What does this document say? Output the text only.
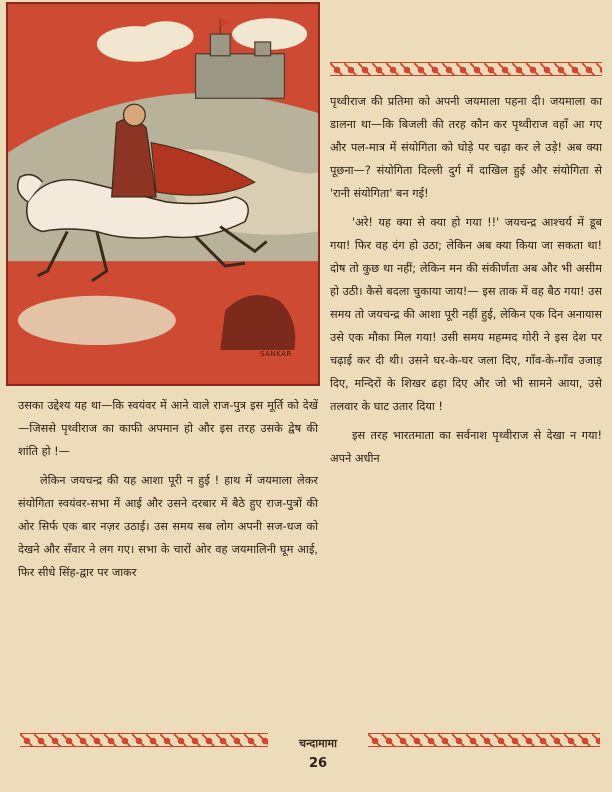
SANKAR

पृथ्वीराज की प्रतिमा को अपनी जयमाला पहना दी। जयमाला का डालना था—कि बिजली की तरह कौन कर पृथ्वीराज वहाँ आ गए और पल-मात्र में संयोगिता को घोड़े पर चढ़ा कर ले उड़े! अब क्या पूछना—? संयोगिता दिल्ली दुर्ग में दाखिल हुई और संयोगिता से 'रानी संयोगिता' बन गई!

'अरे! यह क्या से क्या हो गया !!' जयचन्द्र आश्चर्य में डूब गया! फिर वह दंग हो उठा; लेकिन अब क्या किया जा सकता था! दोष तो कुछ था नहीं; लेकिन मन की संकीर्णता अब और भी असीम हो उठी। कैसे बदला चुकाया जाय!— इस ताक में वह बैठ गया! उस समय तो जयचन्द्र की आशा पूरी नहीं हुई, लेकिन एक दिन अनायास उसे एक मौका मिल गया! उसी समय महम्मद गोरी ने इस देश पर चढ़ाई कर दी थी। उसने घर-के-घर जला दिए, गाँव-के-गाँव उजाड़ दिए, मन्दिरों के शिखर ढहा दिए और जो भी सामने आया, उसे तलवार के घाट उतार दिया !

इस तरह भारतमाता का सर्वनाश पृथ्वीराज से देखा न गया! अपने अधीन

उसका उद्देश्य यह था—कि स्वयंवर में आने वाले राज-पुत्र इस मूर्ति को देखें—जिससे पृथ्वीराज का काफी अपमान हो और इस तरह उसके द्वेष की शांति हो !—

लेकिन जयचन्द्र की यह आशा पूरी न हुई ! हाथ में जयमाला लेकर संयोगिता स्वयंवर-सभा में आई और उसने दरबार में बैठे हुए राज-पुत्रों की ओर सिर्फ एक बार नज़र उठाई। उस समय सब लोग अपनी सज-धज को देखने और सँवार ने लग गए। सभा के चारों ओर वह जयमालिनी घूम आई, फिर सीधे सिंह-द्वार पर जाकर

चन्दामामा
26
